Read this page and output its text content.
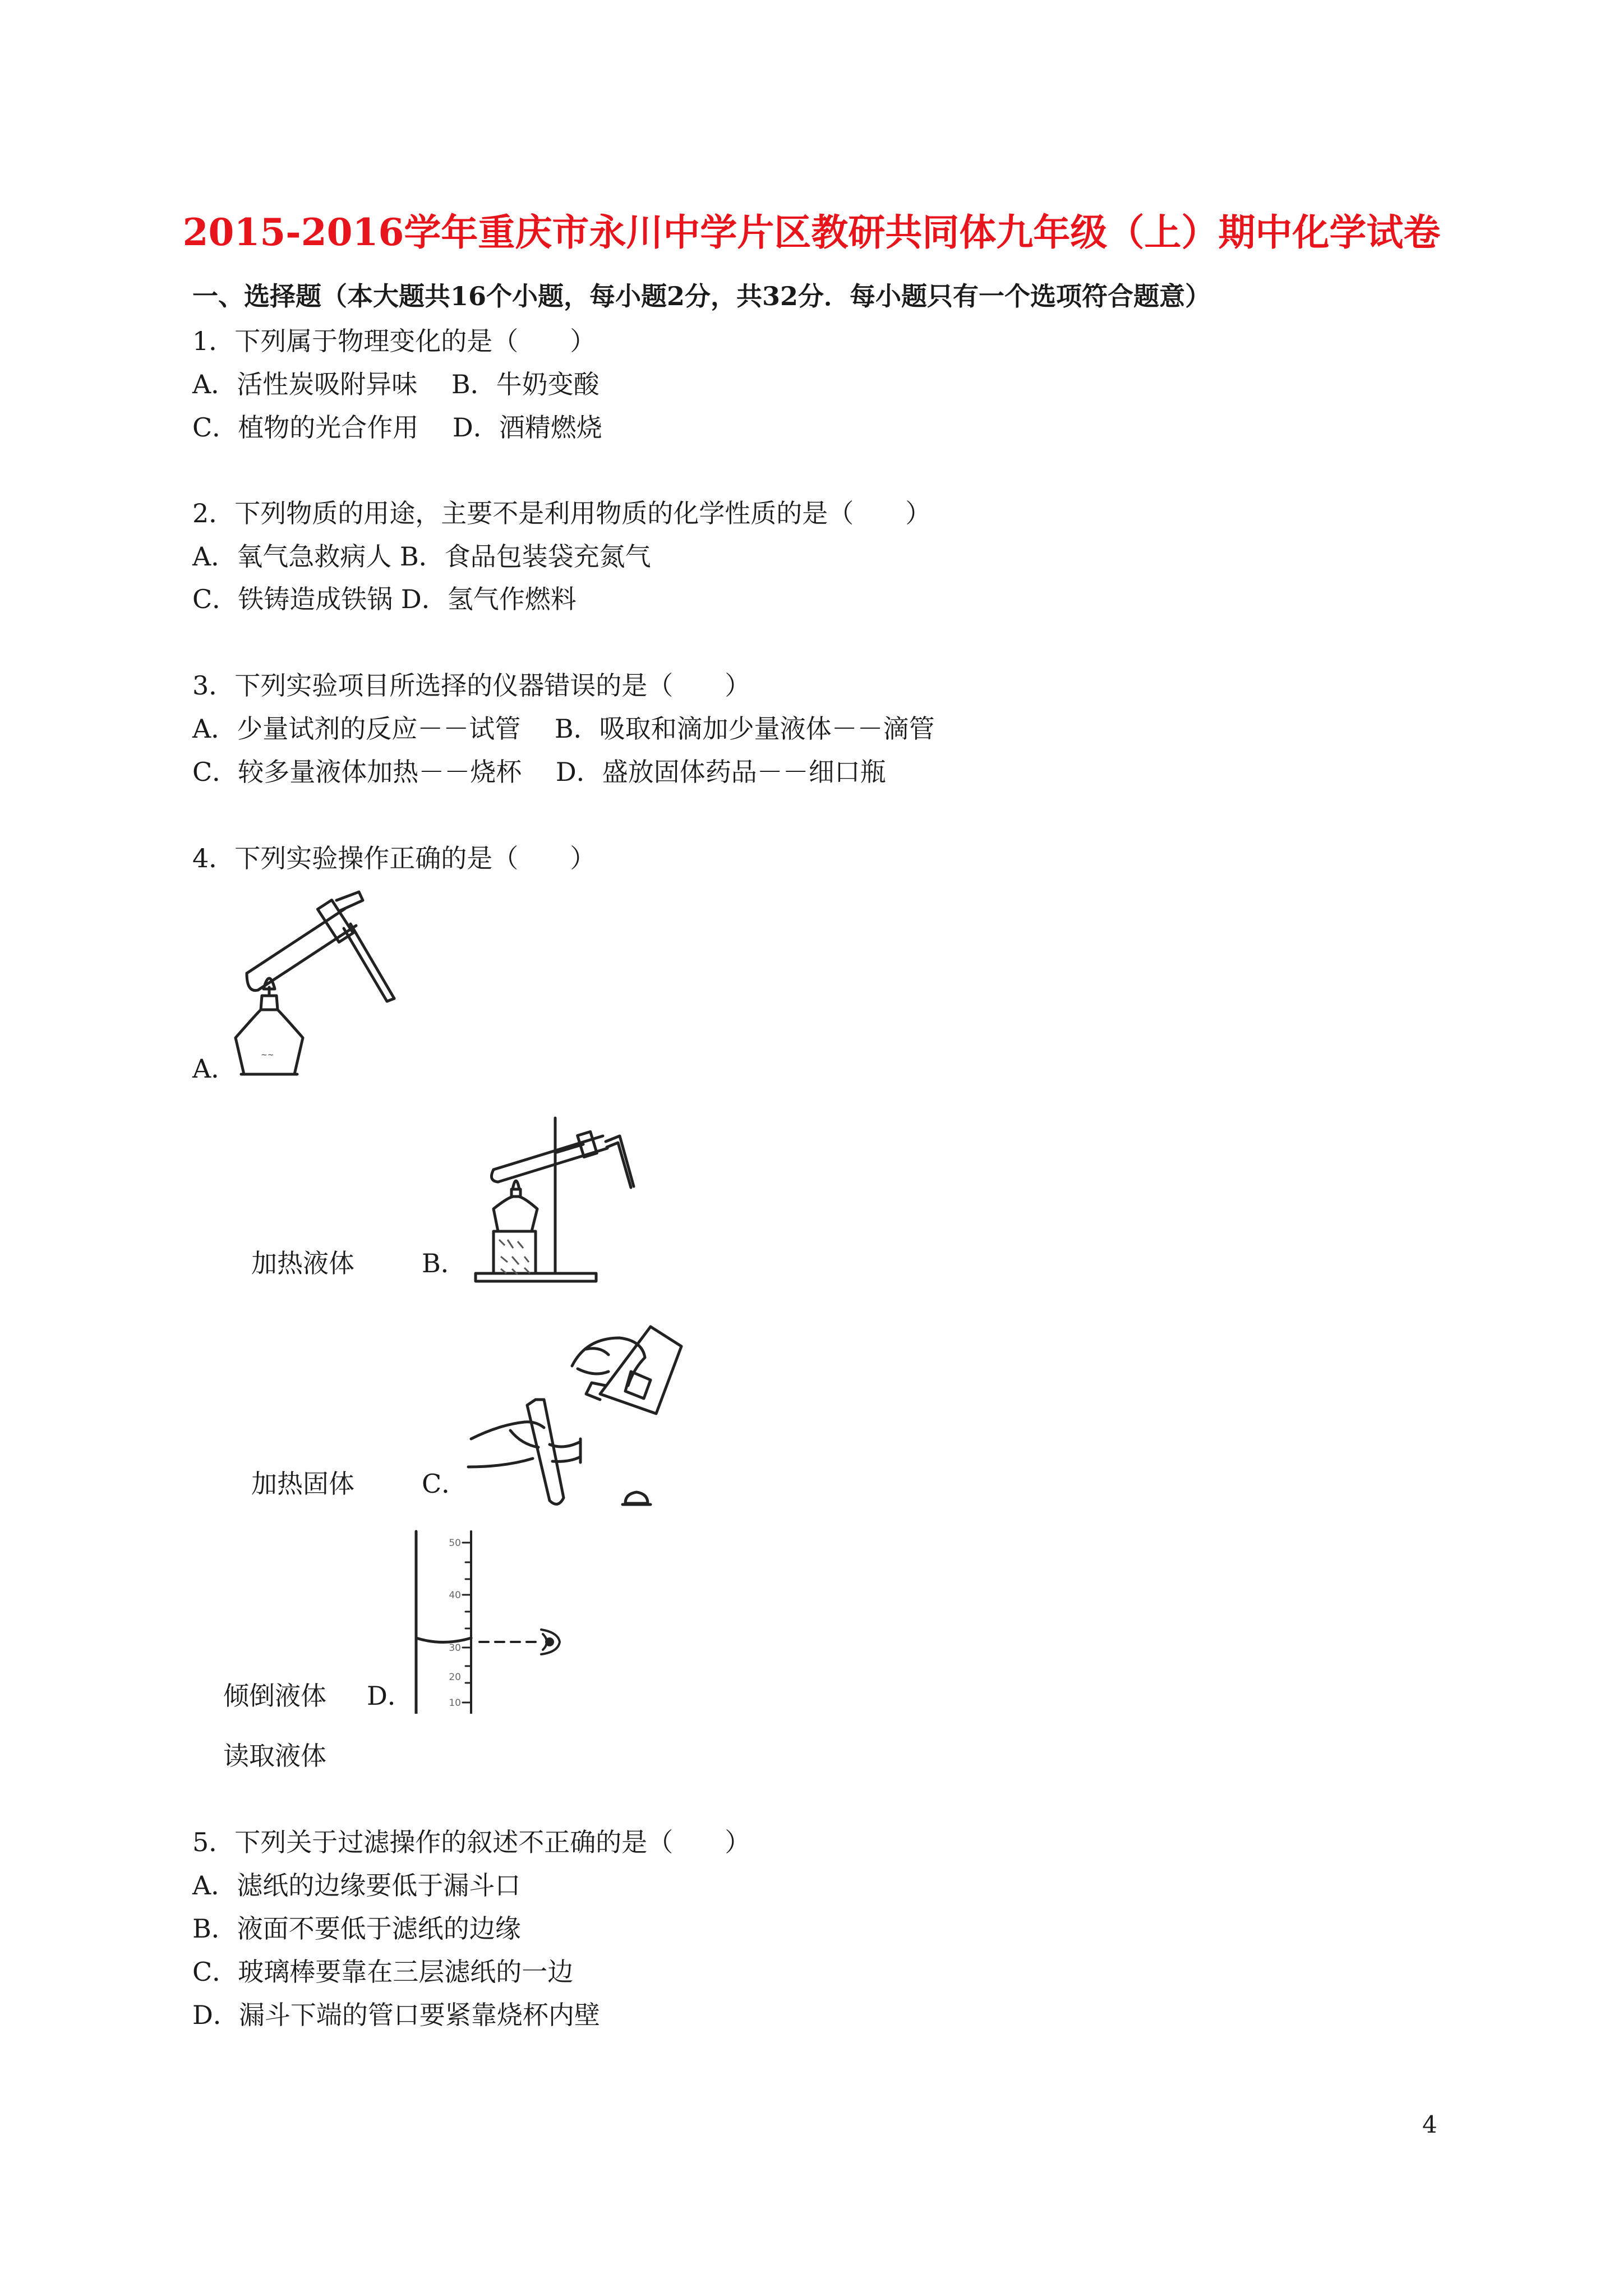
2015-2016学年重庆市永川中学片区教研共同体九年级（上）期中化学试卷
一、选择题（本大题共16个小题，每小题2分，共32分．每小题只有一个选项符合题意）
1．下列属于物理变化的是（　　）
A．活性炭吸附异味　 B．牛奶变酸
C．植物的光合作用　 D．酒精燃烧
2．下列物质的用途，主要不是利用物质的化学性质的是（　　）
A．氧气急救病人 B．食品包装袋充氮气
C．铁铸造成铁锅 D．氢气作燃料
3．下列实验项目所选择的仪器错误的是（　　）
A．少量试剂的反应－－试管　 B．吸取和滴加少量液体－－滴管
C．较多量液体加热－－烧杯　 D．盛放固体药品－－细口瓶
4．下列实验操作正确的是（　　）
~~
A．
加热液体	B．
加热固体	C．
50
40
30
20
10
倾倒液体 D．
读取液体
5．下列关于过滤操作的叙述不正确的是（　　）
A．滤纸的边缘要低于漏斗口
B．液面不要低于滤纸的边缘
C．玻璃棒要靠在三层滤纸的一边
D．漏斗下端的管口要紧靠烧杯内壁
4
